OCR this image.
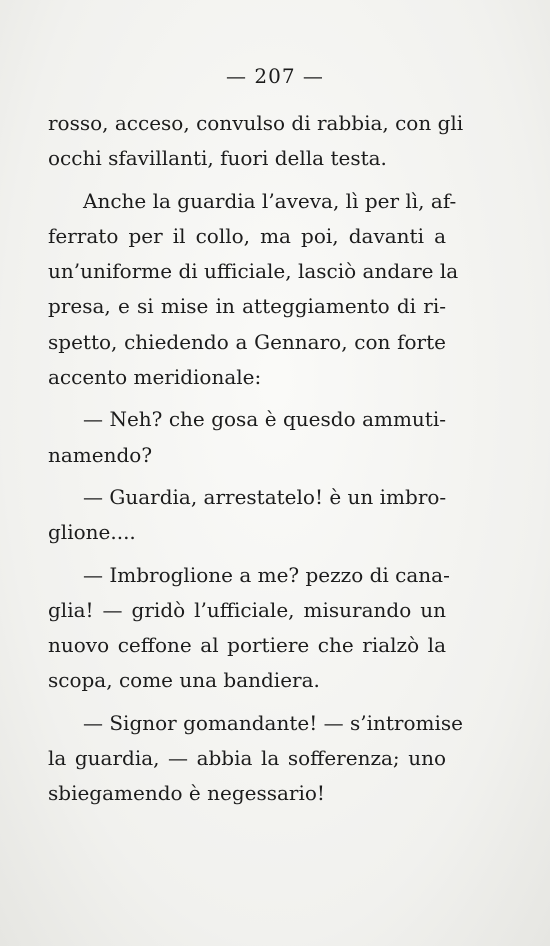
— 207 —
rosso, acceso, convulso di rabbia, con gli
occhi sfavillanti, fuori della testa.
Anche la guardia l’aveva, lì per lì, af-
ferrato per il collo, ma poi, davanti a
un’uniforme di ufficiale, lasciò andare la
presa, e si mise in atteggiamento di ri-
spetto, chiedendo a Gennaro, con forte
accento meridionale:
— Neh? che gosa è quesdo ammuti-
namendo?
— Guardia, arrestatelo! è un imbro-
glione....
— Imbroglione a me? pezzo di cana-
glia! — gridò l’ufficiale, misurando un
nuovo ceffone al portiere che rialzò la
scopa, come una bandiera.
— Signor gomandante! — s’intromise
la guardia, — abbia la sofferenza; uno
sbiegamendo è negessario!
